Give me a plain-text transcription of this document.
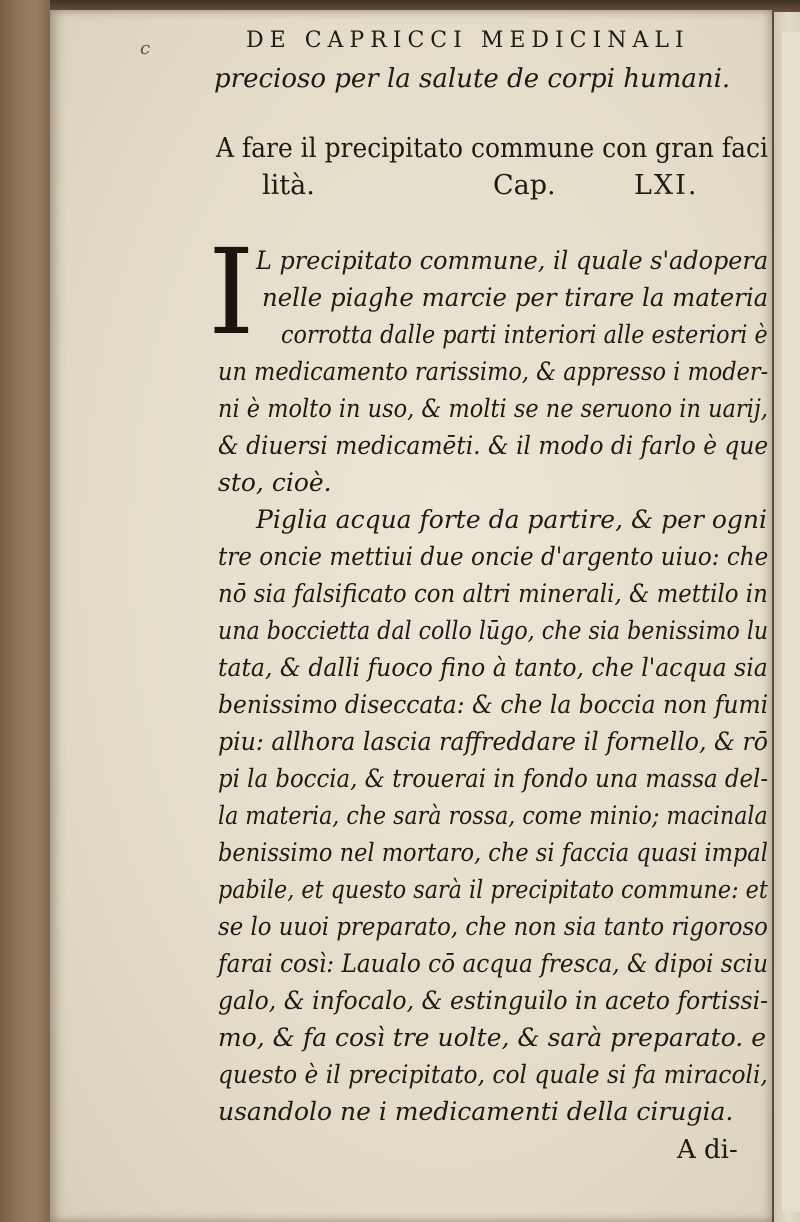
c	DE CAPRICCI MEDICINALI
precioso per la salute de corpi humani.
A fare il precipitato commune con gran faci
lità.	Cap.	LXI.
I L precipitato commune, il quale s'adopera
nelle piaghe marcie per tirare la materia
corrotta dalle parti interiori alle esteriori è
un medicamento rarissimo, & appresso i moder-
ni è molto in uso, & molti se ne seruono in uarij,
& diuersi medicamēti. & il modo di farlo è que
sto, cioè.
Piglia acqua forte da partire, & per ogni
tre oncie mettiui due oncie d'argento uiuo: che
nō sia falsificato con altri minerali, & mettilo in
una boccietta dal collo lūgo, che sia benissimo lu
tata, & dalli fuoco fino à tanto, che l'acqua sia
benissimo diseccata: & che la boccia non fumi
piu: allhora lascia raffreddare il fornello, & rō
pi la boccia, & trouerai in fondo una massa del-
la materia, che sarà rossa, come minio; macinala
benissimo nel mortaro, che si faccia quasi impal
pabile, et questo sarà il precipitato commune: et
se lo uuoi preparato, che non sia tanto rigoroso
farai così: Laualo cō acqua fresca, & dipoi sciu
galo, & infocalo, & estinguilo in aceto fortissi-
mo, & fa così tre uolte, & sarà preparato. e
questo è il precipitato, col quale si fa miracoli,
usandolo ne i medicamenti della cirugia.
A di-
